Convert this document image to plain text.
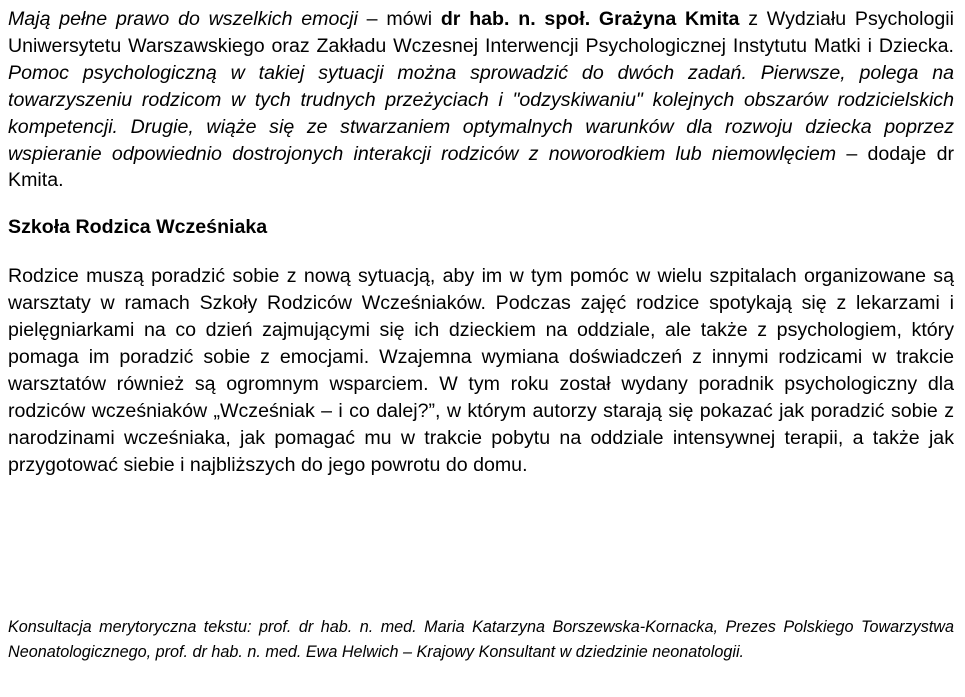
Mają pełne prawo do wszelkich emocji – mówi dr hab. n. społ. Grażyna Kmita z Wydziału Psychologii Uniwersytetu Warszawskiego oraz Zakładu Wczesnej Interwencji Psychologicznej Instytutu Matki i Dziecka. Pomoc psychologiczną w takiej sytuacji można sprowadzić do dwóch zadań. Pierwsze, polega na towarzyszeniu rodzicom w tych trudnych przeżyciach i "odzyskiwaniu" kolejnych obszarów rodzicielskich kompetencji. Drugie, wiąże się ze stwarzaniem optymalnych warunków dla rozwoju dziecka poprzez wspieranie odpowiednio dostrojonych interakcji rodziców z noworodkiem lub niemowlęciem – dodaje dr Kmita.

Szkoła Rodzica Wcześniaka

Rodzice muszą poradzić sobie z nową sytuacją, aby im w tym pomóc w wielu szpitalach organizowane są warsztaty w ramach Szkoły Rodziców Wcześniaków. Podczas zajęć rodzice spotykają się z lekarzami i pielęgniarkami na co dzień zajmującymi się ich dzieckiem na oddziale, ale także z psychologiem, który pomaga im poradzić sobie z emocjami. Wzajemna wymiana doświadczeń z innymi rodzicami w trakcie warsztatów również są ogromnym wsparciem. W tym roku został wydany poradnik psychologiczny dla rodziców wcześniaków „Wcześniak – i co dalej?”, w którym autorzy starają się pokazać jak poradzić sobie z narodzinami wcześniaka, jak pomagać mu w trakcie pobytu na oddziale intensywnej terapii, a także jak przygotować siebie i najbliższych do jego powrotu do domu.

Konsultacja merytoryczna tekstu: prof. dr hab. n. med. Maria Katarzyna Borszewska-Kornacka, Prezes Polskiego Towarzystwa Neonatologicznego, prof. dr hab. n. med. Ewa Helwich – Krajowy Konsultant w dziedzinie neonatologii.
